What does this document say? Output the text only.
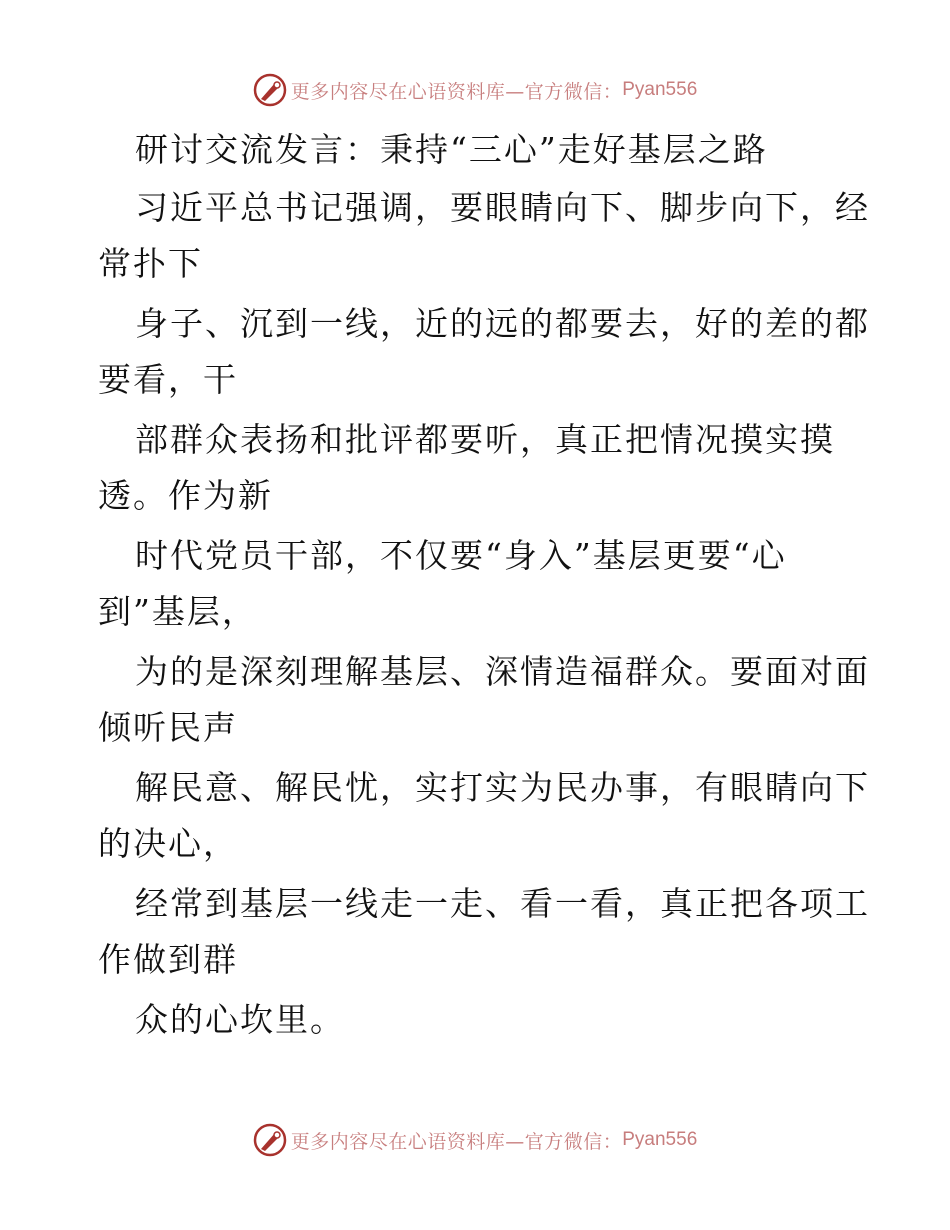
更多内容尽在心语资料库—官方微信： Pyan556
研讨交流发言：秉持“三心”走好基层之路
习近平总书记强调，要眼睛向下、脚步向下，经
常扑下
身子、沉到一线，近的远的都要去，好的差的都
要看，干
部群众表扬和批评都要听，真正把情况摸实摸
透。作为新
时代党员干部，不仅要“身入”基层更要“心
到”基层，
为的是深刻理解基层、深情造福群众。要面对面
倾听民声
解民意、解民忧，实打实为民办事，有眼睛向下
的决心，
经常到基层一线走一走、看一看，真正把各项工
作做到群
众的心坎里。
更多内容尽在心语资料库—官方微信： Pyan556
